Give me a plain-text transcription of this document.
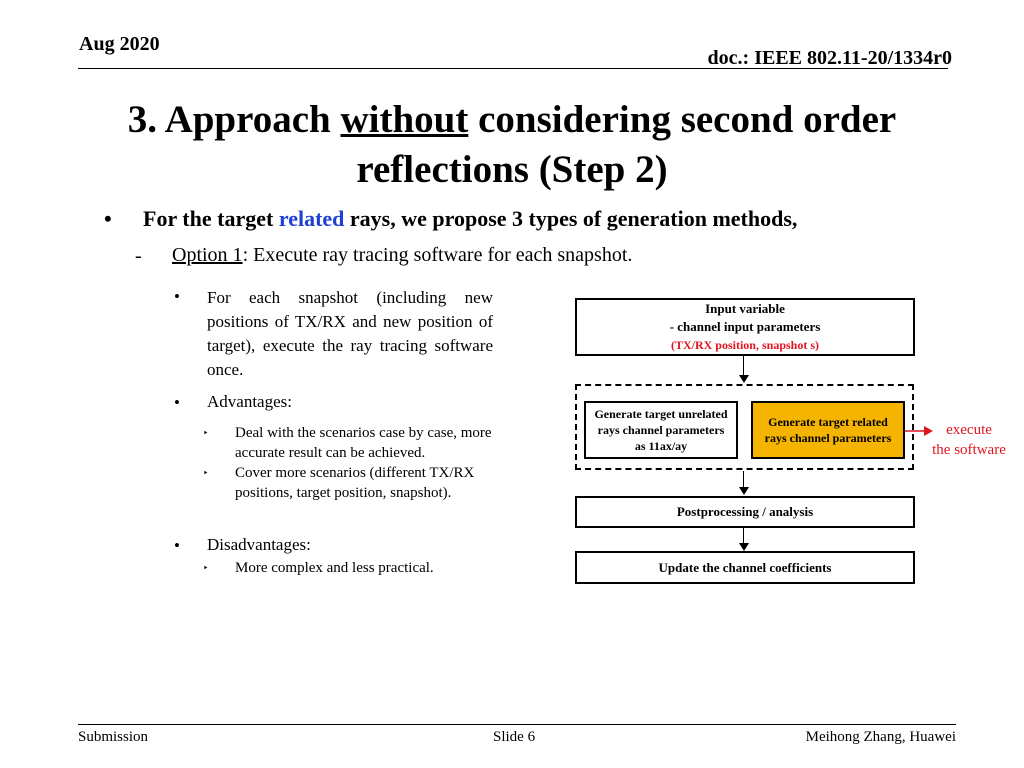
Aug 2020
doc.: IEEE 802.11-20/1334r0
3. Approach without considering second order
reflections (Step 2)
• For the target related rays, we propose 3 types of generation methods,
- Option 1: Execute ray tracing software for each snapshot.
• For each snapshot (including new positions of TX/RX and new position of target), execute the ray tracing software once.
• Advantages:
‣ Deal with the scenarios case by case, more accurate result can be achieved.
‣ Cover more scenarios (different TX/RX positions, target position, snapshot).
• Disadvantages:
‣ More complex and less practical.
Input variable
- channel input parameters
(TX/RX position, snapshot s)
Generate target unrelated
rays channel parameters
as 11ax/ay
Generate target related
rays channel parameters	execute
the software
Postprocessing / analysis
Update the channel coefficients
Submission	Slide 6	Meihong Zhang, Huawei
